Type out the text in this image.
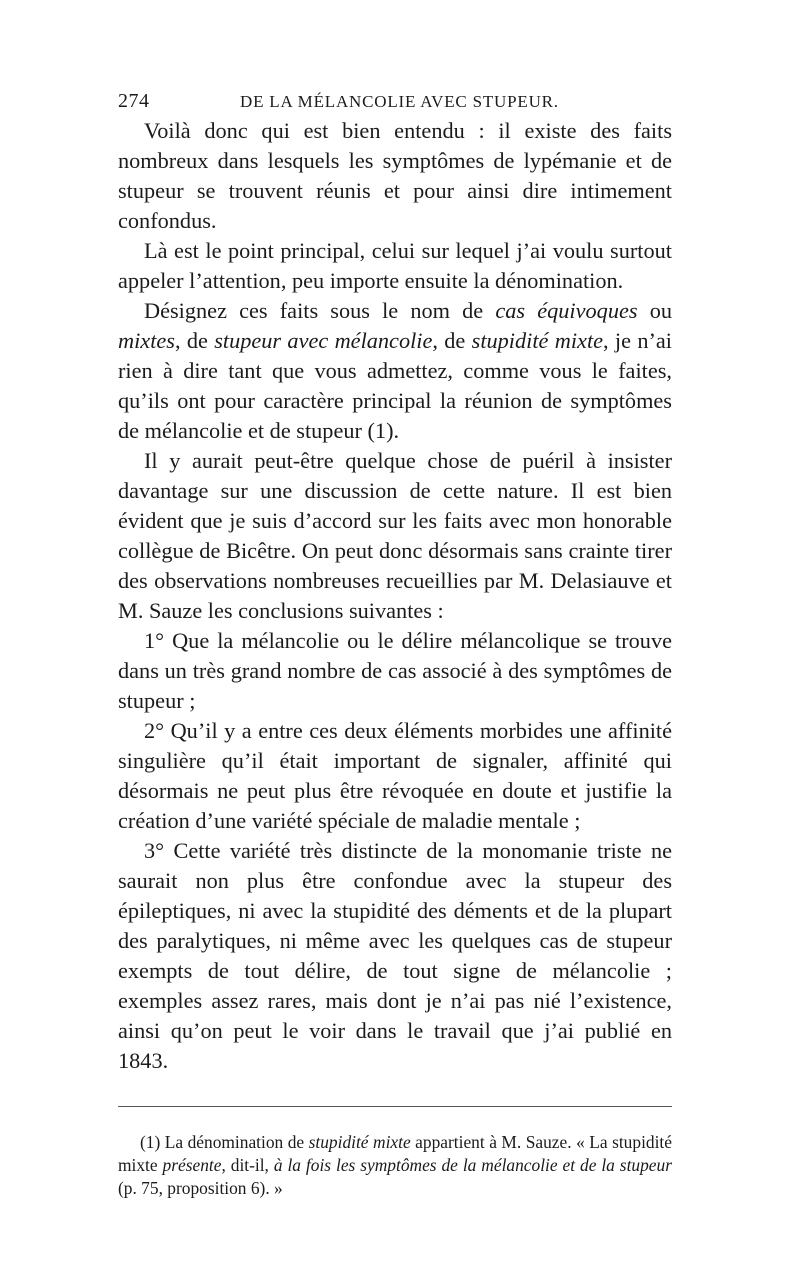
274	DE LA MÉLANCOLIE AVEC STUPEUR.

Voilà donc qui est bien entendu : il existe des faits nombreux dans lesquels les symptômes de lypémanie et de stupeur se trouvent réunis et pour ainsi dire intimement confondus.

Là est le point principal, celui sur lequel j’ai voulu surtout appeler l’attention, peu importe ensuite la dénomination.

Désignez ces faits sous le nom de cas équivoques ou mixtes, de stupeur avec mélancolie, de stupidité mixte, je n’ai rien à dire tant que vous admettez, comme vous le faites, qu’ils ont pour caractère principal la réunion de symptômes de mélancolie et de stupeur (1).

Il y aurait peut-être quelque chose de puéril à insister davantage sur une discussion de cette nature. Il est bien évident que je suis d’accord sur les faits avec mon honorable collègue de Bicêtre. On peut donc désormais sans crainte tirer des observations nombreuses recueillies par M. Delasiauve et M. Sauze les conclusions suivantes :

1° Que la mélancolie ou le délire mélancolique se trouve dans un très grand nombre de cas associé à des symptômes de stupeur ;

2° Qu’il y a entre ces deux éléments morbides une affinité singulière qu’il était important de signaler, affinité qui désormais ne peut plus être révoquée en doute et justifie la création d’une variété spéciale de maladie mentale ;

3° Cette variété très distincte de la monomanie triste ne saurait non plus être confondue avec la stupeur des épileptiques, ni avec la stupidité des déments et de la plupart des paralytiques, ni même avec les quelques cas de stupeur exempts de tout délire, de tout signe de mélancolie ; exemples assez rares, mais dont je n’ai pas nié l’existence, ainsi qu’on peut le voir dans le travail que j’ai publié en 1843.

(1) La dénomination de stupidité mixte appartient à M. Sauze. « La stupidité mixte présente, dit-il, à la fois les symptômes de la mélancolie et de la stupeur (p. 75, proposition 6). »
